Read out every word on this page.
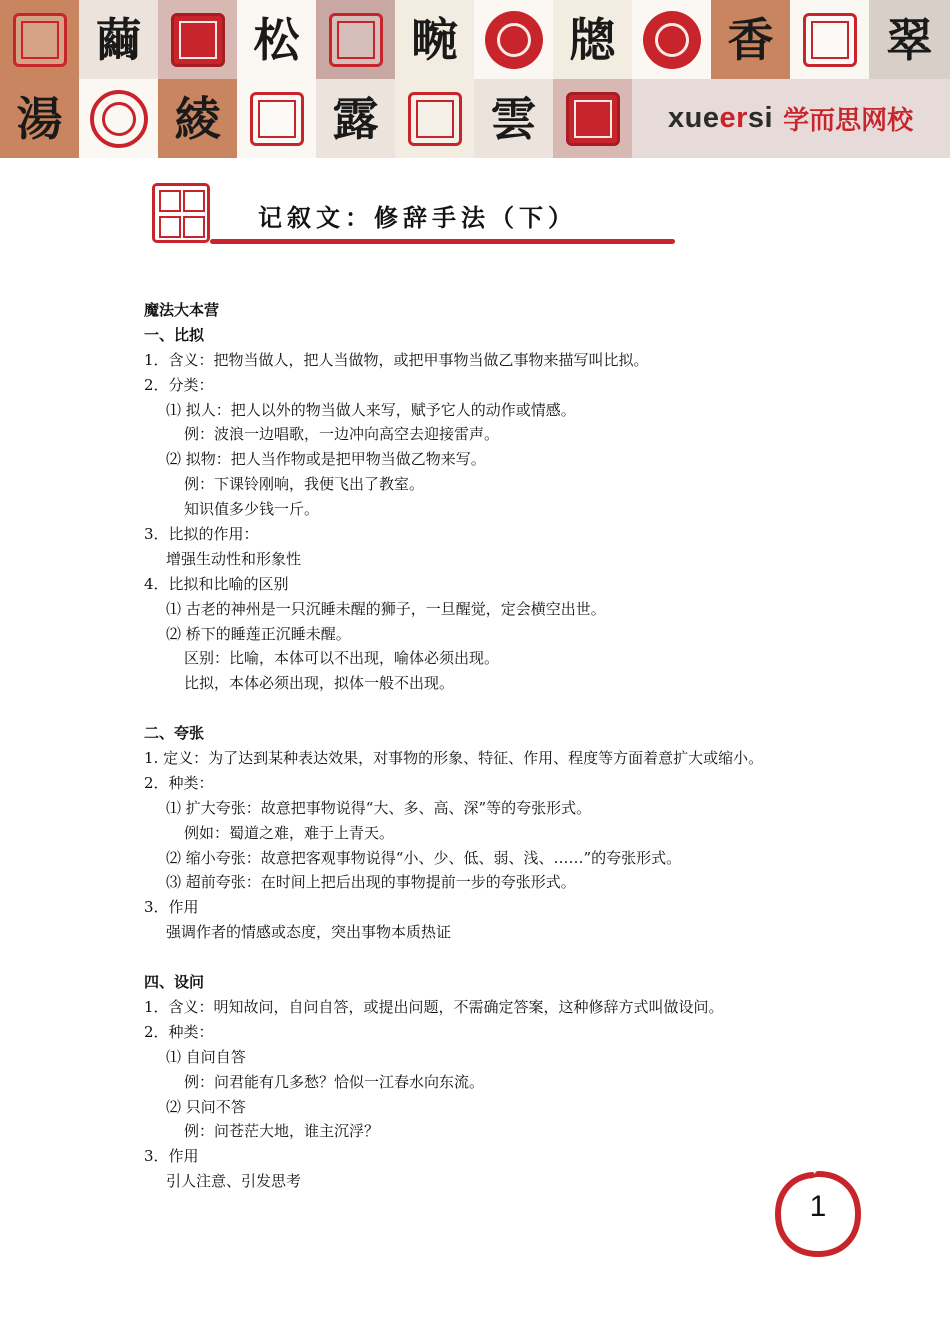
繭 松 畹 牕 香 翠
湯 綾 露 雲	xueersi 学而思网校
记叙文：修辞手法（下）
魔法大本营
一、比拟
1．含义：把物当做人，把人当做物，或把甲事物当做乙事物来描写叫比拟。
2．分类：
⑴ 拟人：把人以外的物当做人来写，赋予它人的动作或情感。
例：波浪一边唱歌，一边冲向高空去迎接雷声。
⑵ 拟物：把人当作物或是把甲物当做乙物来写。
例：下课铃刚响，我便飞出了教室。
知识值多少钱一斤。
3．比拟的作用：
增强生动性和形象性
4．比拟和比喻的区别
⑴ 古老的神州是一只沉睡未醒的狮子，一旦醒觉，定会横空出世。
⑵ 桥下的睡莲正沉睡未醒。
区别：比喻，本体可以不出现，喻体必须出现。
比拟，本体必须出现，拟体一般不出现。
二、夸张
1. 定义：为了达到某种表达效果，对事物的形象、特征、作用、程度等方面着意扩大或缩小。
2．种类：
⑴ 扩大夸张：故意把事物说得“大、多、高、深”等的夸张形式。
例如：蜀道之难，难于上青天。
⑵ 缩小夸张：故意把客观事物说得“小、少、低、弱、浅、……”的夸张形式。
⑶ 超前夸张：在时间上把后出现的事物提前一步的夸张形式。
3．作用
强调作者的情感或态度，突出事物本质热证
四、设问
1．含义：明知故问，自问自答，或提出问题，不需确定答案，这种修辞方式叫做设问。
2．种类：
⑴ 自问自答
例：问君能有几多愁？恰似一江春水向东流。
⑵ 只问不答
例：问苍茫大地，谁主沉浮？
3．作用
引人注意、引发思考
1
